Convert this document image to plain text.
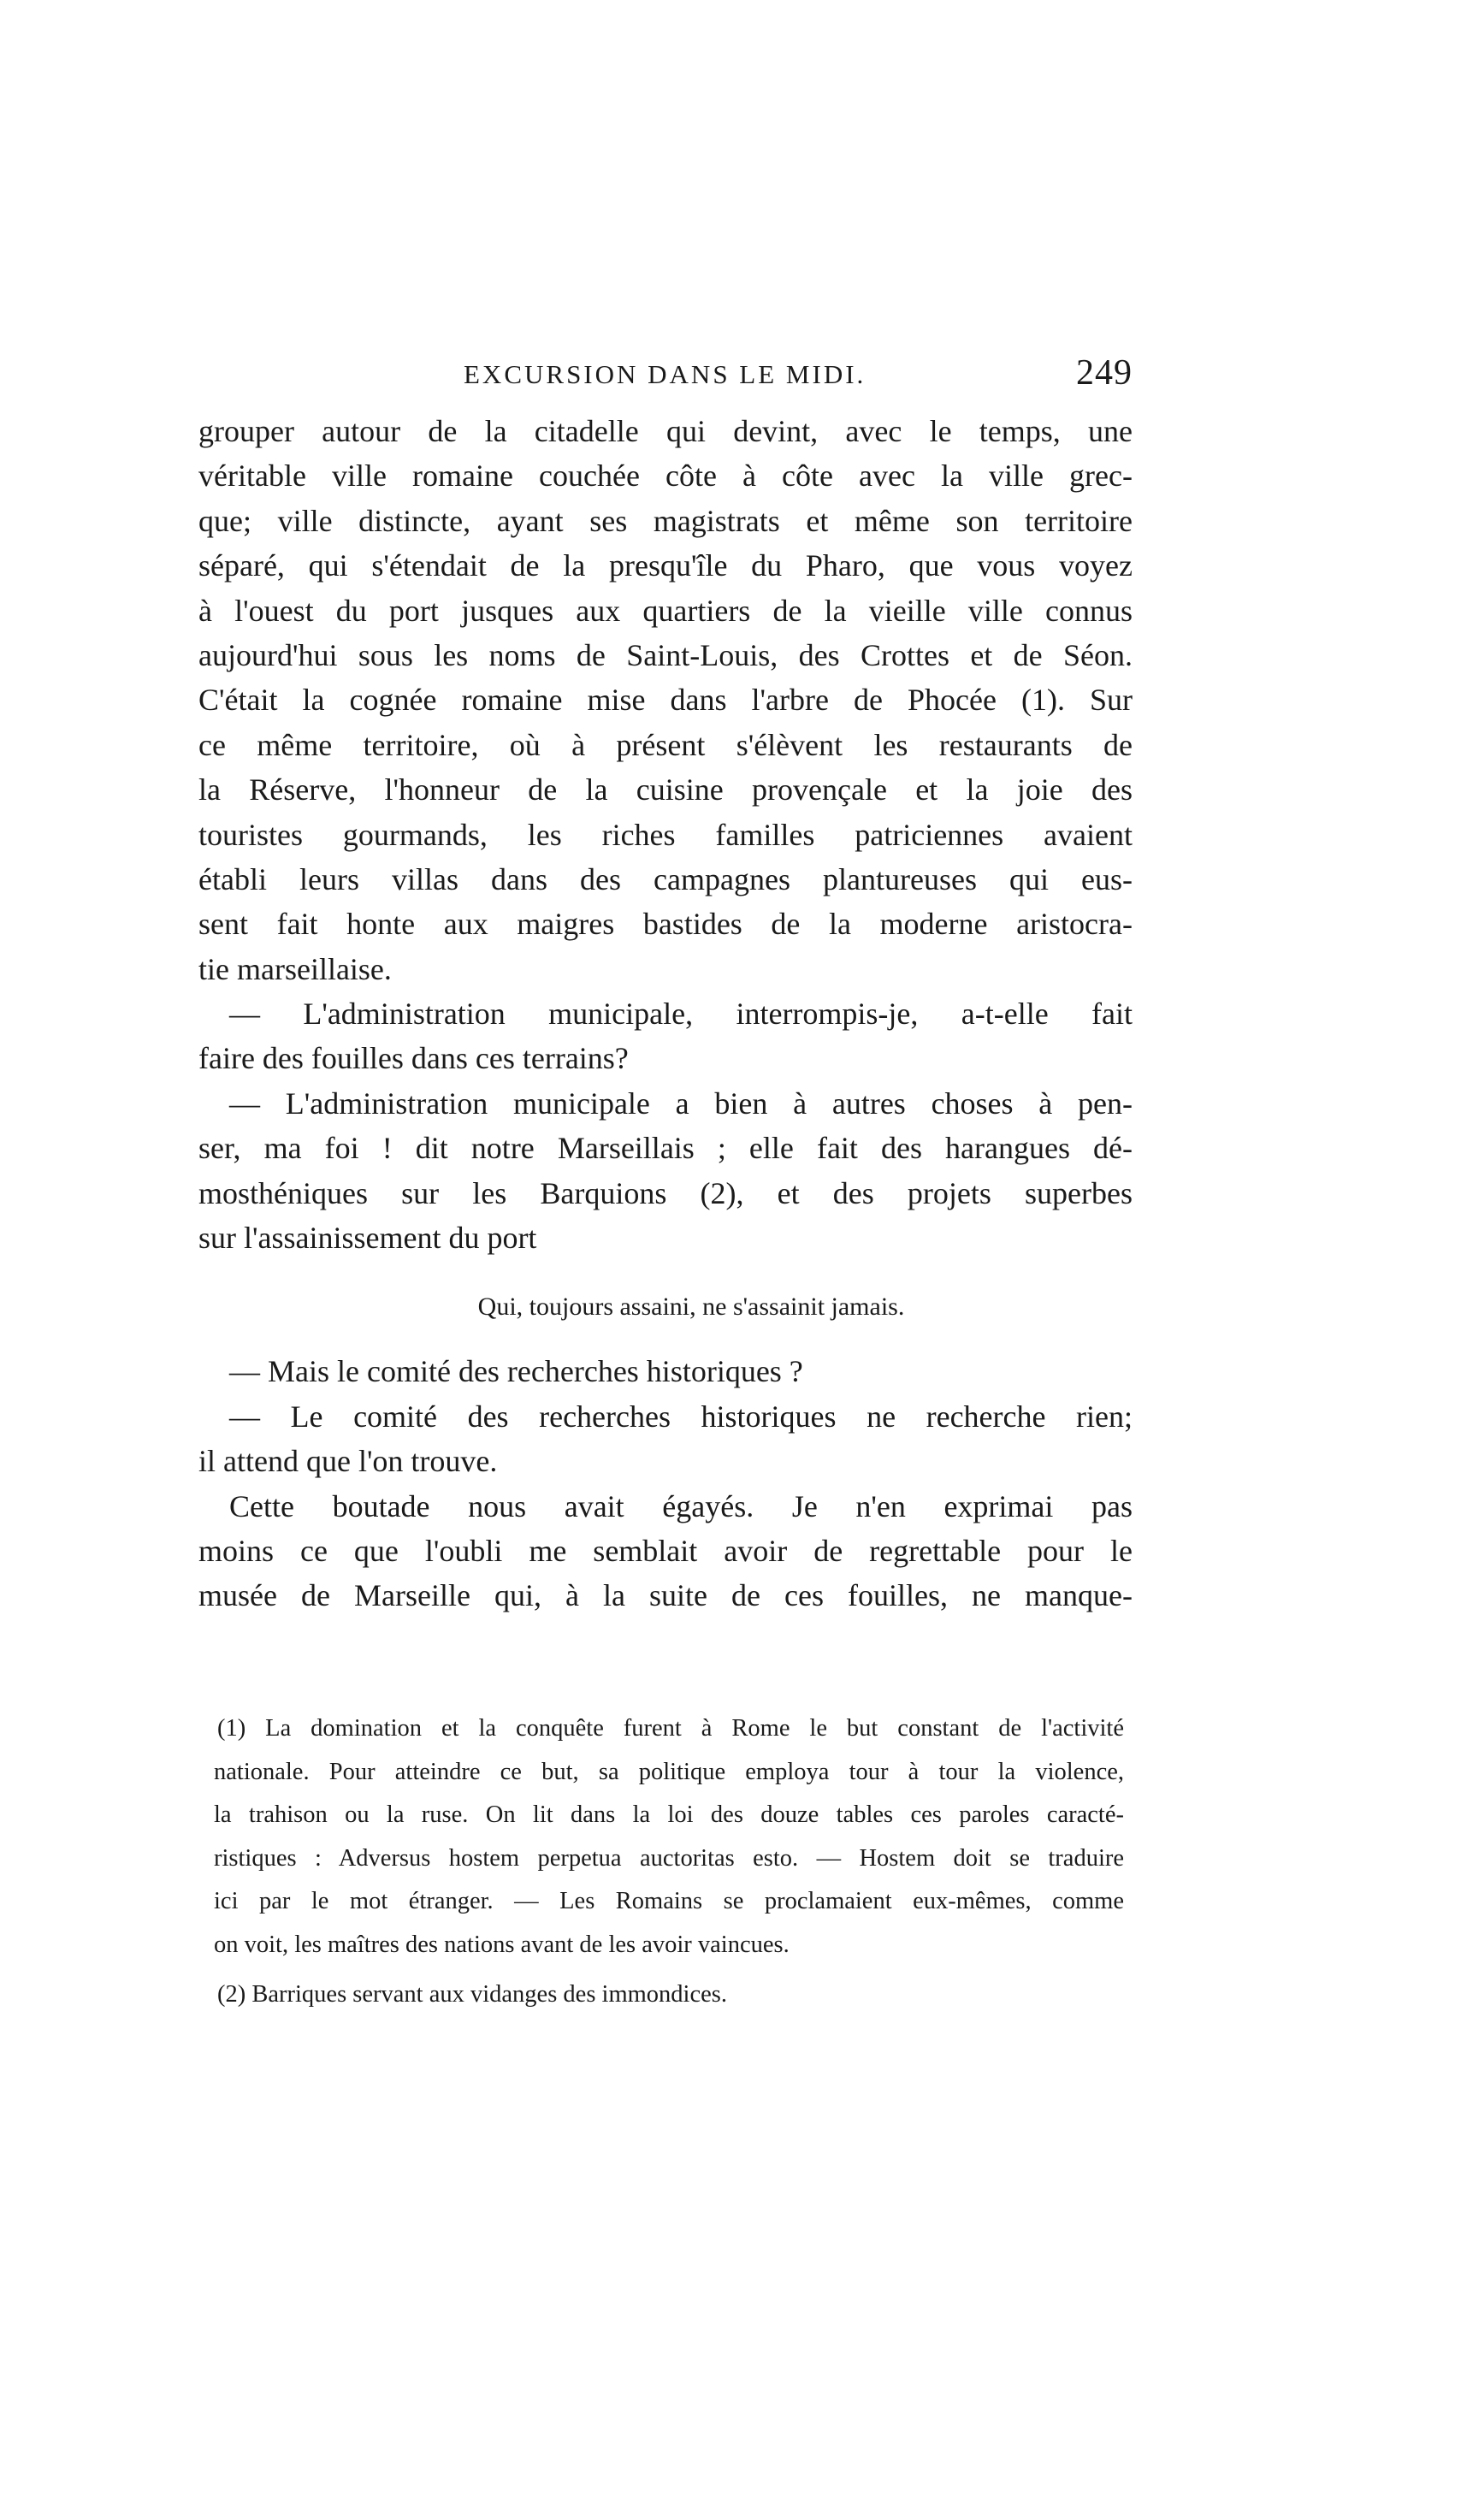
EXCURSION DANS LE MIDI.	249
grouper autour de la citadelle qui devint, avec le temps, une
véritable ville romaine couchée côte à côte avec la ville grec-
que; ville distincte, ayant ses magistrats et même son territoire
séparé, qui s'étendait de la presqu'île du Pharo, que vous voyez
à l'ouest du port jusques aux quartiers de la vieille ville connus
aujourd'hui sous les noms de Saint-Louis, des Crottes et de Séon.
C'était la cognée romaine mise dans l'arbre de Phocée (1). Sur
ce même territoire, où à présent s'élèvent les restaurants de
la Réserve, l'honneur de la cuisine provençale et la joie des
touristes gourmands, les riches familles patriciennes avaient
établi leurs villas dans des campagnes plantureuses qui eus-
sent fait honte aux maigres bastides de la moderne aristocra-
tie marseillaise.
— L'administration municipale, interrompis-je, a-t-elle fait
faire des fouilles dans ces terrains?
— L'administration municipale a bien à autres choses à pen-
ser, ma foi ! dit notre Marseillais ; elle fait des harangues dé-
mosthéniques sur les Barquions (2), et des projets superbes
sur l'assainissement du port
Qui, toujours assaini, ne s'assainit jamais.
— Mais le comité des recherches historiques ?
— Le comité des recherches historiques ne recherche rien;
il attend que l'on trouve.
Cette boutade nous avait égayés. Je n'en exprimai pas
moins ce que l'oubli me semblait avoir de regrettable pour le
musée de Marseille qui, à la suite de ces fouilles, ne manque-
(1) La domination et la conquête furent à Rome le but constant de l'activité
nationale. Pour atteindre ce but, sa politique employa tour à tour la violence,
la trahison ou la ruse. On lit dans la loi des douze tables ces paroles caracté-
ristiques : Adversus hostem perpetua auctoritas esto. — Hostem doit se traduire
ici par le mot étranger. — Les Romains se proclamaient eux-mêmes, comme
on voit, les maîtres des nations avant de les avoir vaincues.
(2) Barriques servant aux vidanges des immondices.
